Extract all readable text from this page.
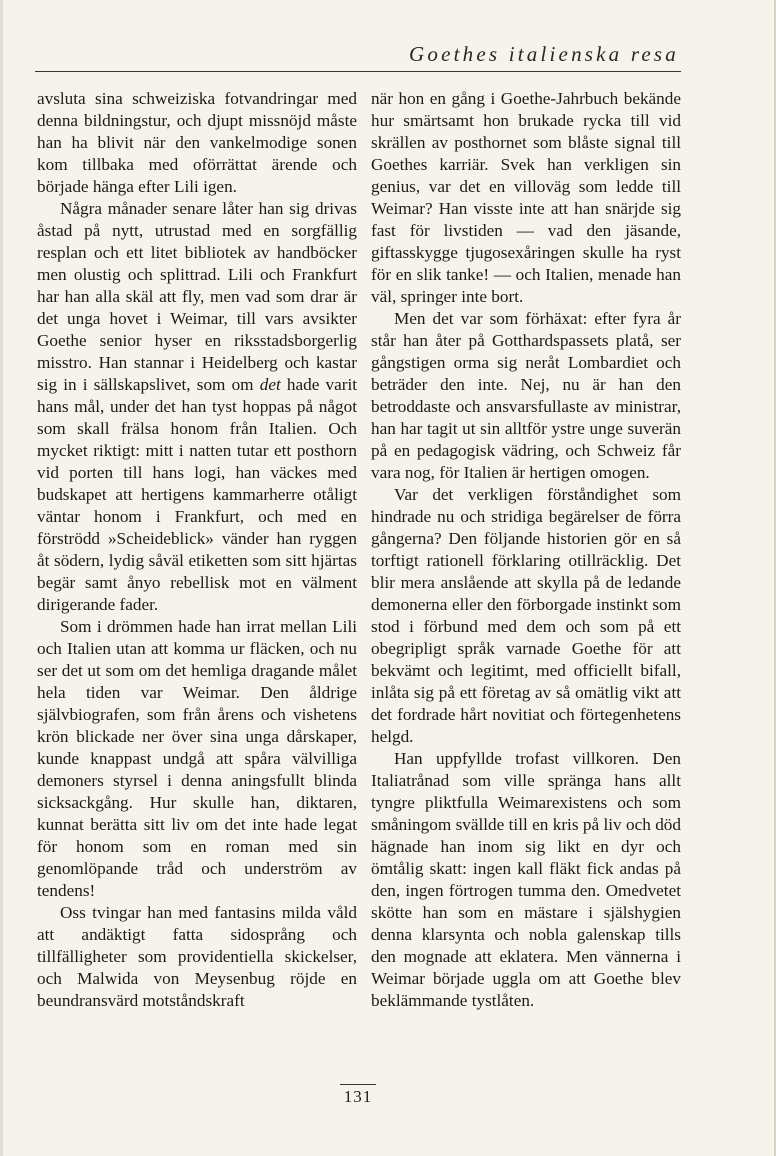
Goethes italienska resa

avsluta sina schweiziska fotvandringar med denna bildningstur, och djupt missnöjd måste han ha blivit när den vankelmodige sonen kom tillbaka med oförrättat ärende och började hänga efter Lili igen.

Några månader senare låter han sig drivas åstad på nytt, utrustad med en sorgfällig resplan och ett litet bibliotek av handböcker men olustig och splittrad. Lili och Frankfurt har han alla skäl att fly, men vad som drar är det unga hovet i Weimar, till vars avsikter Goethe senior hyser en riksstadsborgerlig misstro. Han stannar i Heidelberg och kastar sig in i sällskapslivet, som om det hade varit hans mål, under det han tyst hoppas på något som skall frälsa honom från Italien. Och mycket riktigt: mitt i natten tutar ett posthorn vid porten till hans logi, han väckes med budskapet att hertigens kammarherre otåligt väntar honom i Frankfurt, och med en förströdd »Scheideblick» vänder han ryggen åt södern, lydig såväl etiketten som sitt hjärtas begär samt ånyo rebellisk mot en välment dirigerande fader.

Som i drömmen hade han irrat mellan Lili och Italien utan att komma ur fläcken, och nu ser det ut som om det hemliga dragande målet hela tiden var Weimar. Den åldrige självbiografen, som från årens och vishetens krön blickade ner över sina unga dårskaper, kunde knappast undgå att spåra välvilliga demoners styrsel i denna aningsfullt blinda sicksackgång. Hur skulle han, diktaren, kunnat berätta sitt liv om det inte hade legat för honom som en roman med sin genomlöpande tråd och underström av tendens!

Oss tvingar han med fantasins milda våld att andäktigt fatta sidosprång och tillfälligheter som providentiella skickelser, och Malwida von Meysenbug röjde en beundransvärd motståndskraft

när hon en gång i Goethe-Jahrbuch bekände hur smärtsamt hon brukade rycka till vid skrällen av posthornet som blåste signal till Goethes karriär. Svek han verkligen sin genius, var det en villoväg som ledde till Weimar? Han visste inte att han snärjde sig fast för livstiden — vad den jäsande, giftasskygge tjugosexåringen skulle ha ryst för en slik tanke! — och Italien, menade han väl, springer inte bort.

Men det var som förhäxat: efter fyra år står han åter på Gotthardspassets platå, ser gångstigen orma sig neråt Lombardiet och beträder den inte. Nej, nu är han den betroddaste och ansvarsfullaste av ministrar, han har tagit ut sin alltför ystre unge suverän på en pedagogisk vädring, och Schweiz får vara nog, för Italien är hertigen omogen.

Var det verkligen förståndighet som hindrade nu och stridiga begärelser de förra gångerna? Den följande historien gör en så torftigt rationell förklaring otillräcklig. Det blir mera anslående att skylla på de ledande demonerna eller den förborgade instinkt som stod i förbund med dem och som på ett obegripligt språk varnade Goethe för att bekvämt och legitimt, med officiellt bifall, inlåta sig på ett företag av så omätlig vikt att det fordrade hårt novitiat och förtegenhetens helgd.

Han uppfyllde trofast villkoren. Den Italiatrånad som ville spränga hans allt tyngre pliktfulla Weimarexistens och som småningom svällde till en kris på liv och död hägnade han inom sig likt en dyr och ömtålig skatt: ingen kall fläkt fick andas på den, ingen förtrogen tumma den. Omedvetet skötte han som en mästare i själshygien denna klarsynta och nobla galenskap tills den mognade att eklatera. Men vännerna i Weimar började uggla om att Goethe blev beklämmande tystlåten.

131
